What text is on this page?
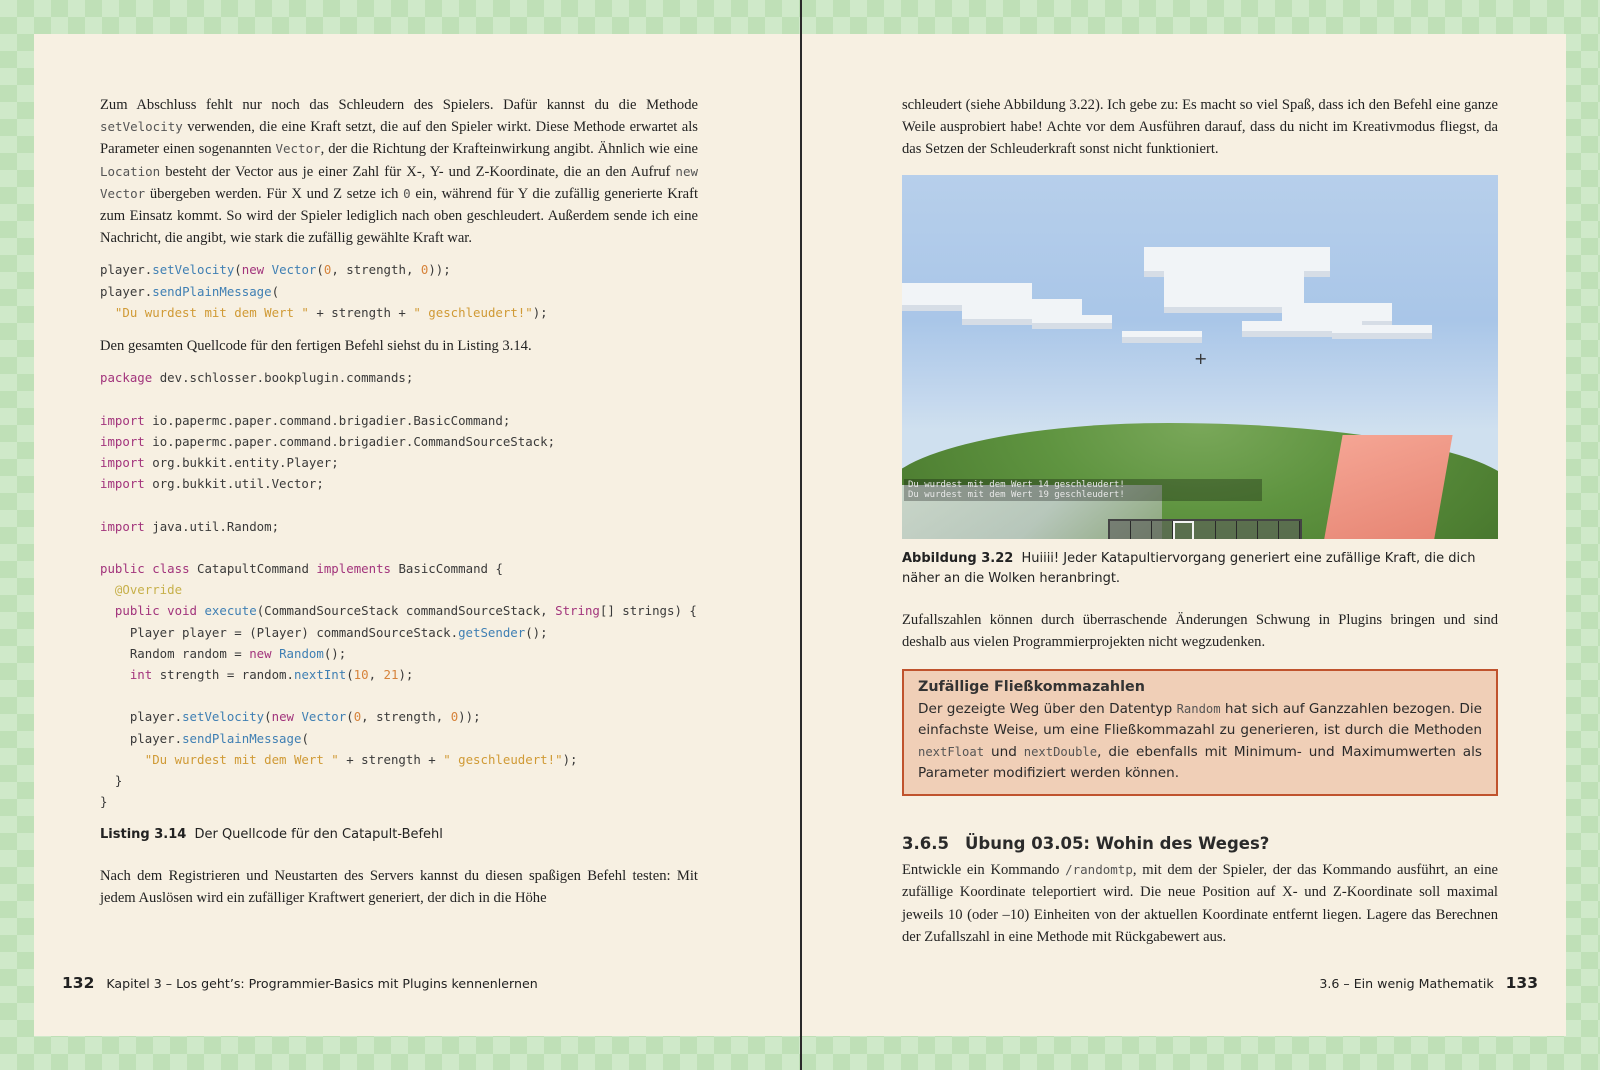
Zum Abschluss fehlt nur noch das Schleudern des Spielers. Dafür kannst du die Methode setVelocity verwenden, die eine Kraft setzt, die auf den Spieler wirkt. Diese Methode erwartet als Parameter einen sogenannten Vector, der die Richtung der Krafteinwirkung angibt. Ähnlich wie eine Location besteht der Vector aus je einer Zahl für X-, Y- und Z-Koordinate, die an den Aufruf new Vector übergeben werden. Für X und Z setze ich 0 ein, während für Y die zufällig generierte Kraft zum Einsatz kommt. So wird der Spieler lediglich nach oben geschleudert. Außerdem sende ich eine Nachricht, die angibt, wie stark die zufällig gewählte Kraft war.

player.setVelocity(new Vector(0, strength, 0));
player.sendPlainMessage(
"Du wurdest mit dem Wert " + strength + " geschleudert!");

Den gesamten Quellcode für den fertigen Befehl siehst du in Listing 3.14.

package dev.schlosser.bookplugin.commands;

import io.papermc.paper.command.brigadier.BasicCommand;
import io.papermc.paper.command.brigadier.CommandSourceStack;
import org.bukkit.entity.Player;
import org.bukkit.util.Vector;

import java.util.Random;

public class CatapultCommand implements BasicCommand {
@Override
public void execute(CommandSourceStack commandSourceStack, String[] strings) {
Player player = (Player) commandSourceStack.getSender();
Random random = new Random();
int strength = random.nextInt(10, 21);

player.setVelocity(new Vector(0, strength, 0));
player.sendPlainMessage(
"Du wurdest mit dem Wert " + strength + " geschleudert!");
}
}

Listing 3.14 Der Quellcode für den Catapult-Befehl

Nach dem Registrieren und Neustarten des Servers kannst du diesen spaßigen Befehl testen: Mit jedem Auslösen wird ein zufälliger Kraftwert generiert, der dich in die Höhe

132 Kapitel 3 – Los geht’s: Programmier-Basics mit Plugins kennenlernen

schleudert (siehe Abbildung 3.22). Ich gebe zu: Es macht so viel Spaß, dass ich den Befehl eine ganze Weile ausprobiert habe! Achte vor dem Ausführen darauf, dass du nicht im Kreativmodus fliegst, da das Setzen der Schleuderkraft sonst nicht funktioniert.

+
Du wurdest mit dem Wert 14 geschleudert!
Du wurdest mit dem Wert 19 geschleudert!

Abbildung 3.22 Huiiii! Jeder Katapultiervorgang generiert eine zufällige Kraft, die dich näher an die Wolken heranbringt.

Zufallszahlen können durch überraschende Änderungen Schwung in Plugins bringen und sind deshalb aus vielen Programmierprojekten nicht wegzudenken.

Zufällige Fließkommazahlen

Der gezeigte Weg über den Datentyp Random hat sich auf Ganzzahlen bezogen. Die einfachste Weise, um eine Fließkommazahl zu generieren, ist durch die Methoden nextFloat und nextDouble, die ebenfalls mit Minimum- und Maximumwerten als Parameter modifiziert werden können.

3.6.5 Übung 03.05: Wohin des Weges?

Entwickle ein Kommando /randomtp, mit dem der Spieler, der das Kommando ausführt, an eine zufällige Koordinate teleportiert wird. Die neue Position auf X- und Z-Koordinate soll maximal jeweils 10 (oder –10) Einheiten von der aktuellen Koordinate entfernt liegen. Lagere das Berechnen der Zufallszahl in eine Methode mit Rückgabewert aus.

3.6 – Ein wenig Mathematik 133
